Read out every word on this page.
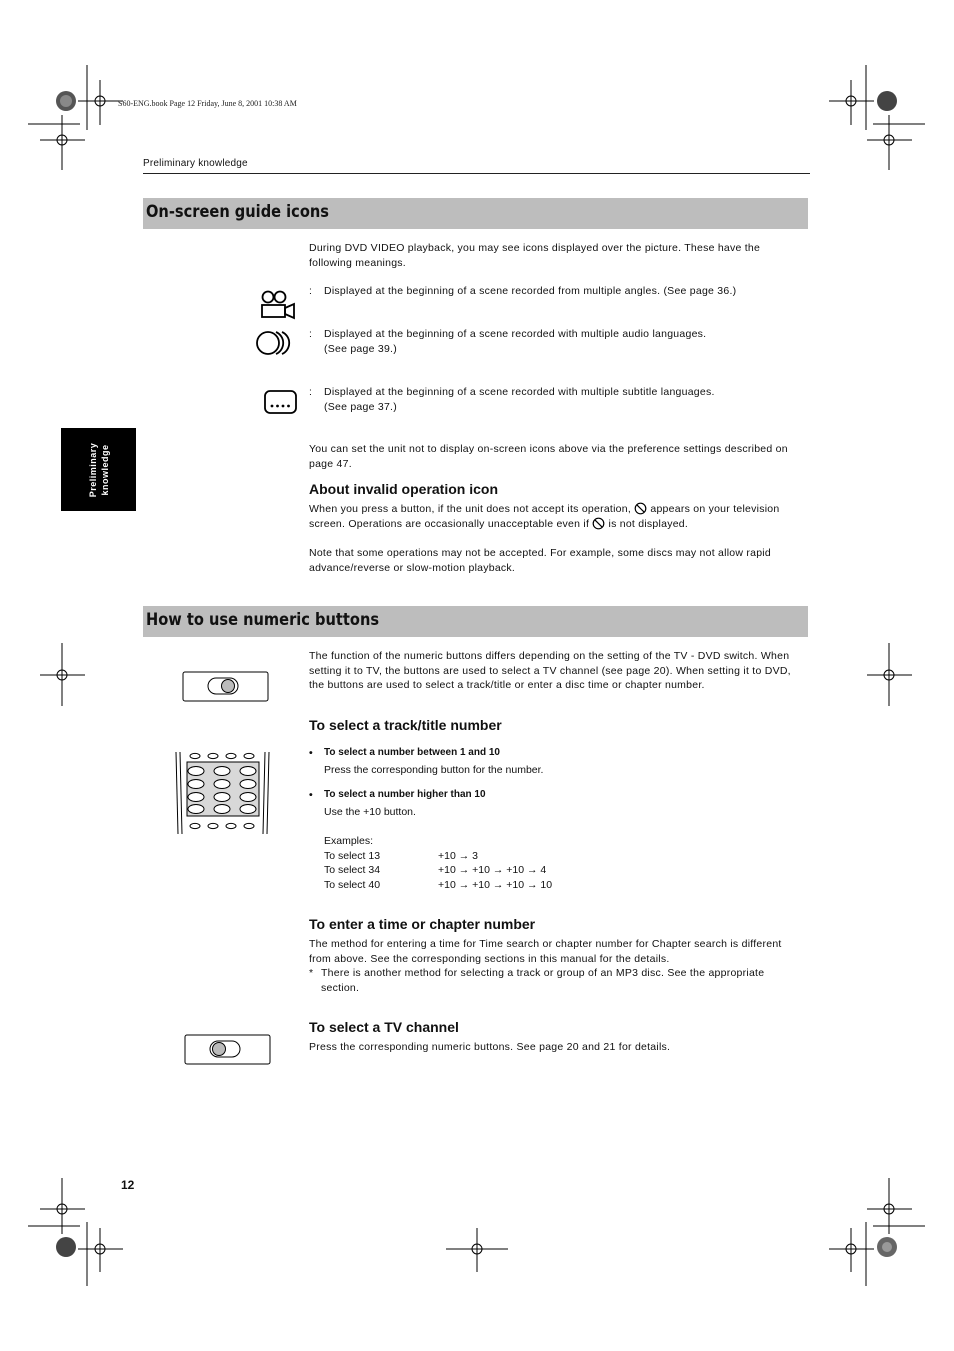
S60-ENG.book Page 12 Friday, June 8, 2001 10:38 AM
Preliminary knowledge
Preliminary knowledge
On-screen guide icons
During DVD VIDEO playback, you may see icons displayed over the picture. These have the following meanings.
: Displayed at the beginning of a scene recorded from multiple angles. (See page 36.)
: Displayed at the beginning of a scene recorded with multiple audio languages.
(See page 39.)
: Displayed at the beginning of a scene recorded with multiple subtitle languages.
(See page 37.)
You can set the unit not to display on-screen icons above via the preference settings described on page 47.
About invalid operation icon

When you press a button, if the unit does not accept its operation, appears on your television screen. Operations are occasionally unacceptable even if is not displayed.

Note that some operations may not be accepted. For example, some discs may not allow rapid advance/reverse or slow-motion playback.
How to use numeric buttons
The function of the numeric buttons differs depending on the setting of the TV - DVD switch. When setting it to TV, the buttons are used to select a TV channel (see page 20). When setting it to DVD, the buttons are used to select a track/title or enter a disc time or chapter number.
To select a track/title number
• To select a number between 1 and 10
Press the corresponding button for the number.
• To select a number higher than 10
Use the +10 button.
Examples:
To select 13	+10 → 3
To select 34	+10 → +10 → +10 → 4
To select 40	+10 → +10 → +10 → 10
To enter a time or chapter number
The method for entering a time for Time search or chapter number for Chapter search is different from above. See the corresponding sections in this manual for the details.
* There is another method for selecting a track or group of an MP3 disc. See the appropriate section.
To select a TV channel
Press the corresponding numeric buttons. See page 20 and 21 for details.
12
